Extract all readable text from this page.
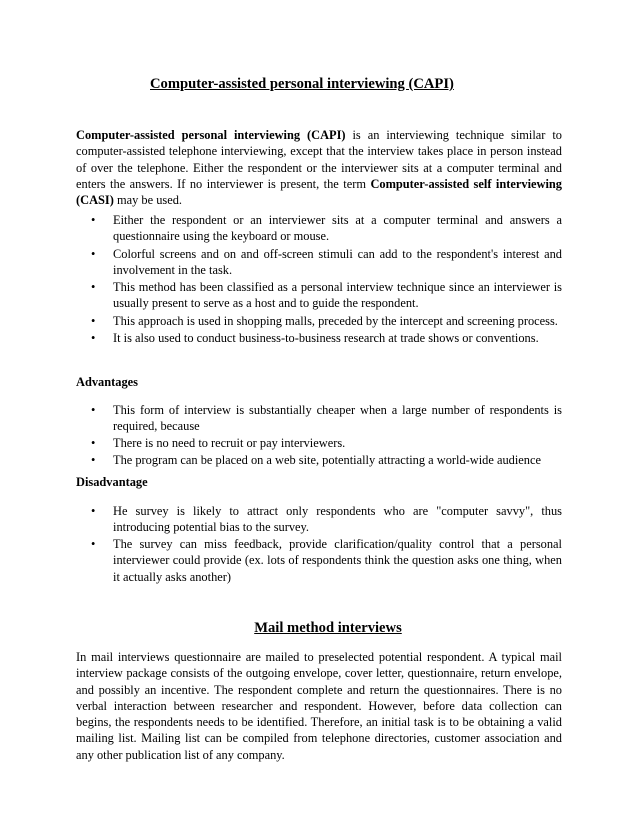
Computer-assisted personal interviewing (CAPI)

Computer-assisted personal interviewing (CAPI) is an interviewing technique similar to computer-assisted telephone interviewing, except that the interview takes place in person instead of over the telephone. Either the respondent or the interviewer sits at a computer terminal and enters the answers. If no interviewer is present, the term Computer-assisted self interviewing (CASI) may be used.

• Either the respondent or an interviewer sits at a computer terminal and answers a questionnaire using the keyboard or mouse.
• Colorful screens and on and off-screen stimuli can add to the respondent's interest and involvement in the task.
• This method has been classified as a personal interview technique since an interviewer is usually present to serve as a host and to guide the respondent.
• This approach is used in shopping malls, preceded by the intercept and screening process.
• It is also used to conduct business-to-business research at trade shows or conventions.

Advantages

• This form of interview is substantially cheaper when a large number of respondents is required, because
• There is no need to recruit or pay interviewers.
• The program can be placed on a web site, potentially attracting a world-wide audience

Disadvantage

• He survey is likely to attract only respondents who are "computer savvy", thus introducing potential bias to the survey.
• The survey can miss feedback, provide clarification/quality control that a personal interviewer could provide (ex. lots of respondents think the question asks one thing, when it actually asks another)
Mail method interviews

In mail interviews questionnaire are mailed to preselected potential respondent. A typical mail interview package consists of the outgoing envelope, cover letter, questionnaire, return envelope, and possibly an incentive. The respondent complete and return the questionnaires. There is no verbal interaction between researcher and respondent. However, before data collection can begins, the respondents needs to be identified. Therefore, an initial task is to be obtaining a valid mailing list. Mailing list can be compiled from telephone directories, customer association and any other publication list of any company.
